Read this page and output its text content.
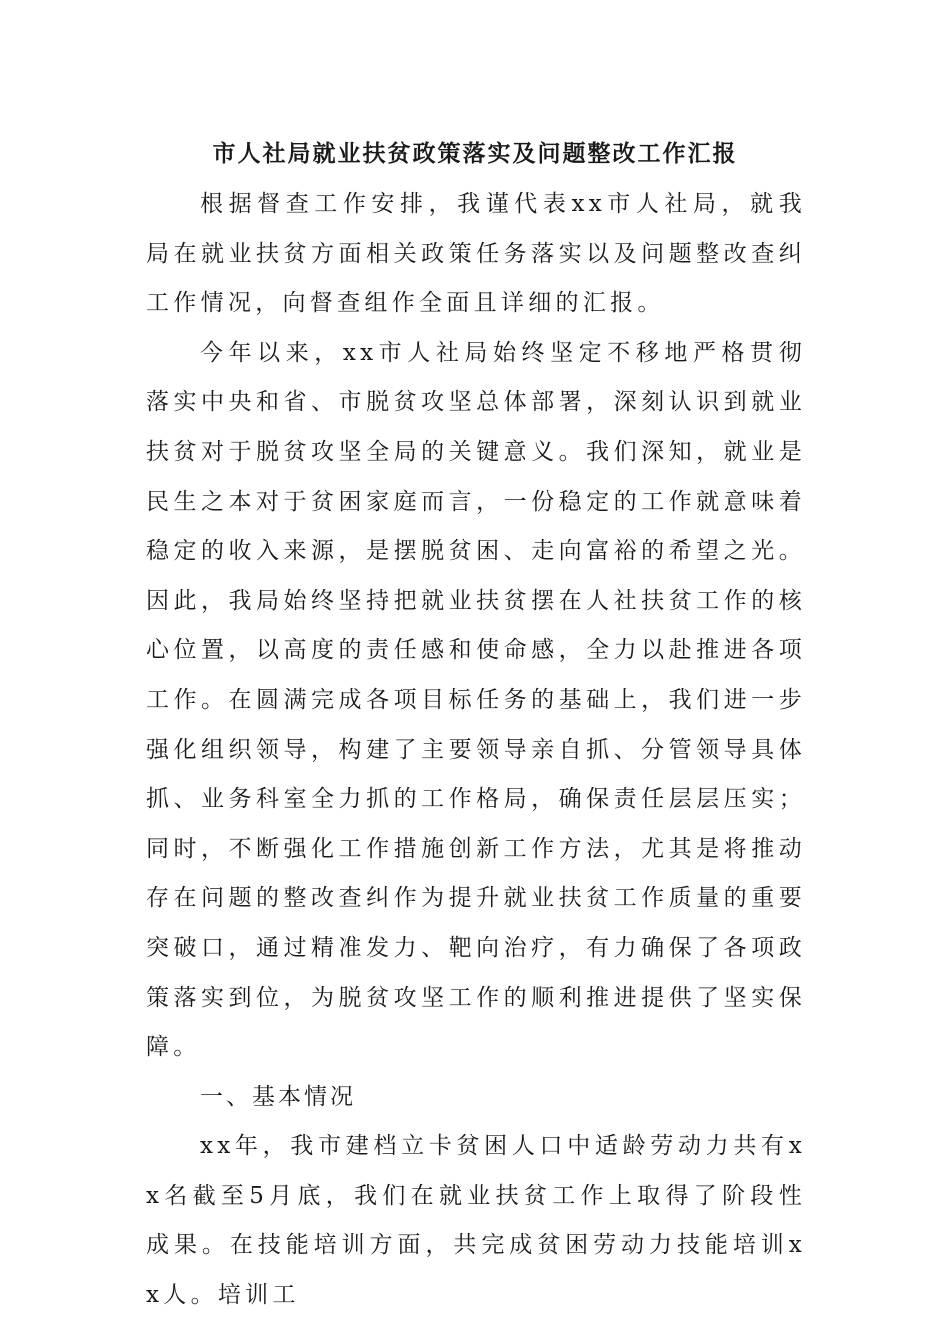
市人社局就业扶贫政策落实及问题整改工作汇报

根据督查工作安排，我谨代表xx市人社局，就我局在就业扶贫方面相关政策任务落实以及问题整改查纠工作情况，向督查组作全面且详细的汇报。

今年以来，xx市人社局始终坚定不移地严格贯彻落实中央和省、市脱贫攻坚总体部署，深刻认识到就业扶贫对于脱贫攻坚全局的关键意义。我们深知，就业是民生之本对于贫困家庭而言，一份稳定的工作就意味着稳定的收入来源，是摆脱贫困、走向富裕的希望之光。因此，我局始终坚持把就业扶贫摆在人社扶贫工作的核心位置，以高度的责任感和使命感，全力以赴推进各项工作。在圆满完成各项目标任务的基础上，我们进一步强化组织领导，构建了主要领导亲自抓、分管领导具体抓、业务科室全力抓的工作格局，确保责任层层压实；同时，不断强化工作措施创新工作方法，尤其是将推动存在问题的整改查纠作为提升就业扶贫工作质量的重要突破口，通过精准发力、靶向治疗，有力确保了各项政策落实到位，为脱贫攻坚工作的顺利推进提供了坚实保障。

一、基本情况

xx年，我市建档立卡贫困人口中适龄劳动力共有xx名截至5月底，我们在就业扶贫工作上取得了阶段性成果。在技能培训方面，共完成贫困劳动力技能培训xx人。培训工
